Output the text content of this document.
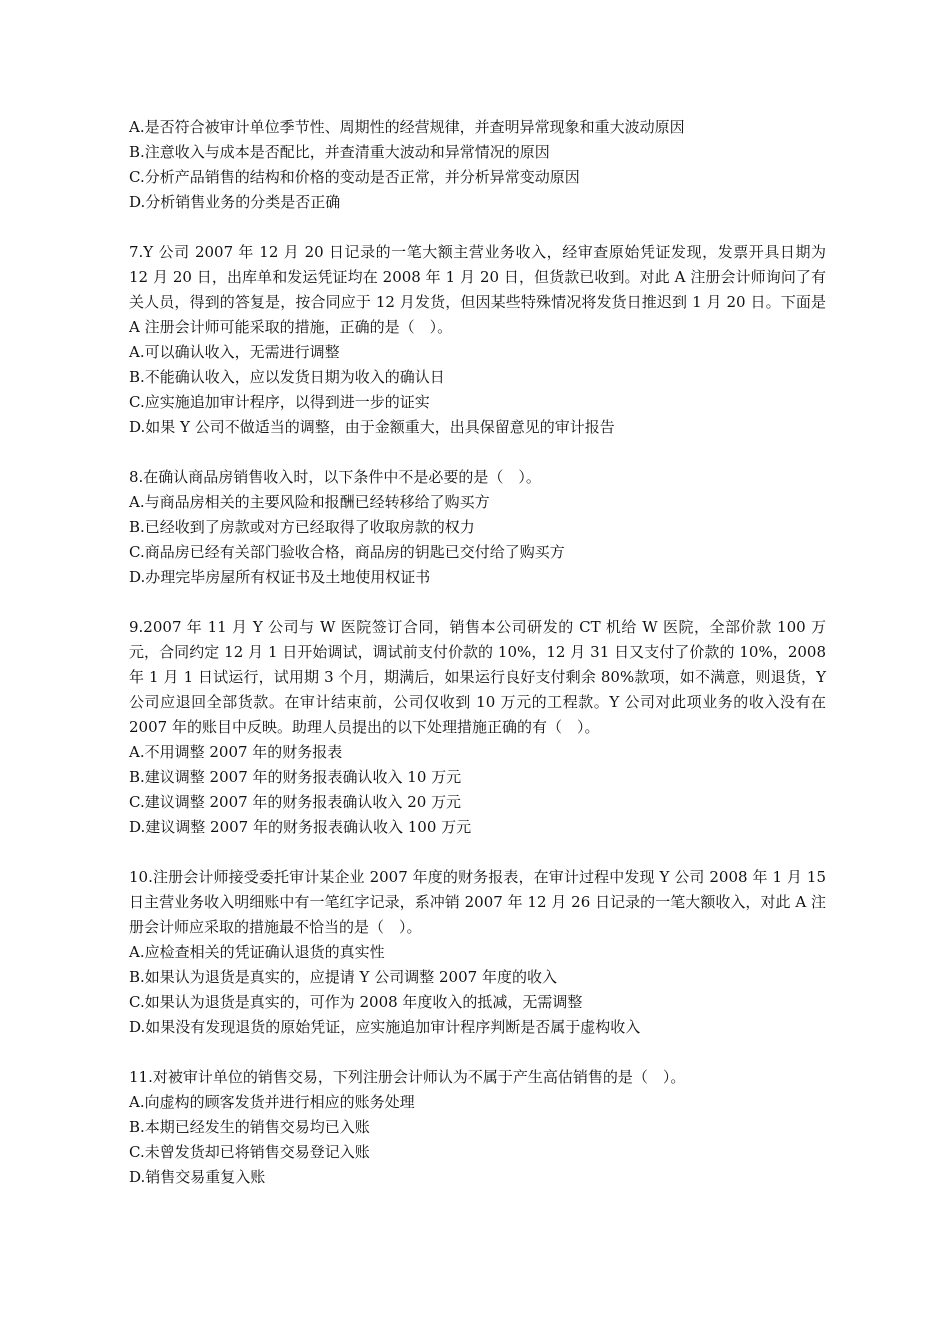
A.是否符合被审计单位季节性、周期性的经营规律，并查明异常现象和重大波动原因
B.注意收入与成本是否配比，并查清重大波动和异常情况的原因
C.分析产品销售的结构和价格的变动是否正常，并分析异常变动原因
D.分析销售业务的分类是否正确
7.Y 公司 2007 年 12 月 20 日记录的一笔大额主营业务收入，经审查原始凭证发现，发票开具日期为 12 月 20 日，出库单和发运凭证均在 2008 年 1 月 20 日，但货款已收到。对此 A 注册会计师询问了有关人员，得到的答复是，按合同应于 12 月发货，但因某些特殊情况将发货日推迟到 1 月 20 日。下面是 A 注册会计师可能采取的措施，正确的是（　）。
A.可以确认收入，无需进行调整
B.不能确认收入，应以发货日期为收入的确认日
C.应实施追加审计程序，以得到进一步的证实
D.如果 Y 公司不做适当的调整，由于金额重大，出具保留意见的审计报告
8.在确认商品房销售收入时，以下条件中不是必要的是（　）。
A.与商品房相关的主要风险和报酬已经转移给了购买方
B.已经收到了房款或对方已经取得了收取房款的权力
C.商品房已经有关部门验收合格，商品房的钥匙已交付给了购买方
D.办理完毕房屋所有权证书及土地使用权证书
9.2007 年 11 月 Y 公司与 W 医院签订合同，销售本公司研发的 CT 机给 W 医院，全部价款 100 万元，合同约定 12 月 1 日开始调试，调试前支付价款的 10%，12 月 31 日又支付了价款的 10%，2008 年 1 月 1 日试运行，试用期 3 个月，期满后，如果运行良好支付剩余 80%款项，如不满意，则退货，Y 公司应退回全部货款。在审计结束前，公司仅收到 10 万元的工程款。Y 公司对此项业务的收入没有在 2007 年的账目中反映。助理人员提出的以下处理措施正确的有（　）。
A.不用调整 2007 年的财务报表
B.建议调整 2007 年的财务报表确认收入 10 万元
C.建议调整 2007 年的财务报表确认收入 20 万元
D.建议调整 2007 年的财务报表确认收入 100 万元
10.注册会计师接受委托审计某企业 2007 年度的财务报表，在审计过程中发现 Y 公司 2008 年 1 月 15 日主营业务收入明细账中有一笔红字记录，系冲销 2007 年 12 月 26 日记录的一笔大额收入，对此 A 注册会计师应采取的措施最不恰当的是（　）。
A.应检查相关的凭证确认退货的真实性
B.如果认为退货是真实的，应提请 Y 公司调整 2007 年度的收入
C.如果认为退货是真实的，可作为 2008 年度收入的抵减，无需调整
D.如果没有发现退货的原始凭证，应实施追加审计程序判断是否属于虚构收入
11.对被审计单位的销售交易，下列注册会计师认为不属于产生高估销售的是（　）。
A.向虚构的顾客发货并进行相应的账务处理
B.本期已经发生的销售交易均已入账
C.未曾发货却已将销售交易登记入账
D.销售交易重复入账
